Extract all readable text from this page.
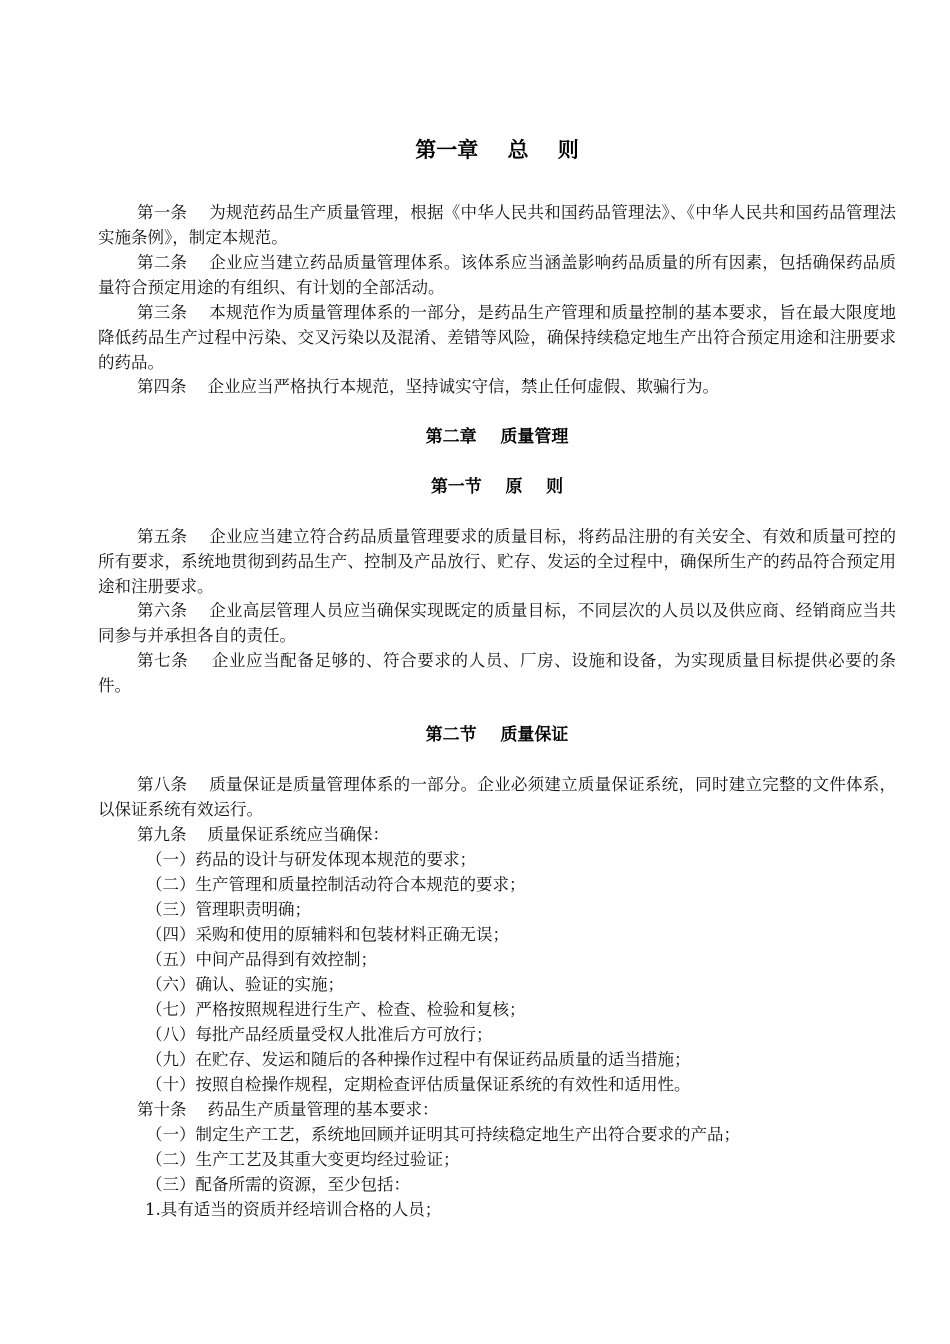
第一章    总    则
第一条    为规范药品生产质量管理，根据《中华人民共和国药品管理法》、《中华人民共和国药品管理法实施条例》，制定本规范。
第二条    企业应当建立药品质量管理体系。该体系应当涵盖影响药品质量的所有因素，包括确保药品质量符合预定用途的有组织、有计划的全部活动。
第三条    本规范作为质量管理体系的一部分，是药品生产管理和质量控制的基本要求，旨在最大限度地降低药品生产过程中污染、交叉污染以及混淆、差错等风险，确保持续稳定地生产出符合预定用途和注册要求的药品。
第四条    企业应当严格执行本规范，坚持诚实守信，禁止任何虚假、欺骗行为。
第二章    质量管理
第一节    原    则
第五条    企业应当建立符合药品质量管理要求的质量目标，将药品注册的有关安全、有效和质量可控的所有要求，系统地贯彻到药品生产、控制及产品放行、贮存、发运的全过程中，确保所生产的药品符合预定用途和注册要求。
第六条    企业高层管理人员应当确保实现既定的质量目标，不同层次的人员以及供应商、经销商应当共同参与并承担各自的责任。
第七条    企业应当配备足够的、符合要求的人员、厂房、设施和设备，为实现质量目标提供必要的条件。
第二节    质量保证
第八条    质量保证是质量管理体系的一部分。企业必须建立质量保证系统，同时建立完整的文件体系，以保证系统有效运行。
第九条    质量保证系统应当确保：
（一）药品的设计与研发体现本规范的要求；
（二）生产管理和质量控制活动符合本规范的要求；
（三）管理职责明确；
（四）采购和使用的原辅料和包装材料正确无误；
（五）中间产品得到有效控制；
（六）确认、验证的实施；
（七）严格按照规程进行生产、检查、检验和复核；
（八）每批产品经质量受权人批准后方可放行；
（九）在贮存、发运和随后的各种操作过程中有保证药品质量的适当措施；
（十）按照自检操作规程，定期检查评估质量保证系统的有效性和适用性。
第十条    药品生产质量管理的基本要求：
（一）制定生产工艺，系统地回顾并证明其可持续稳定地生产出符合要求的产品；
（二）生产工艺及其重大变更均经过验证；
（三）配备所需的资源，至少包括：
1.具有适当的资质并经培训合格的人员；
